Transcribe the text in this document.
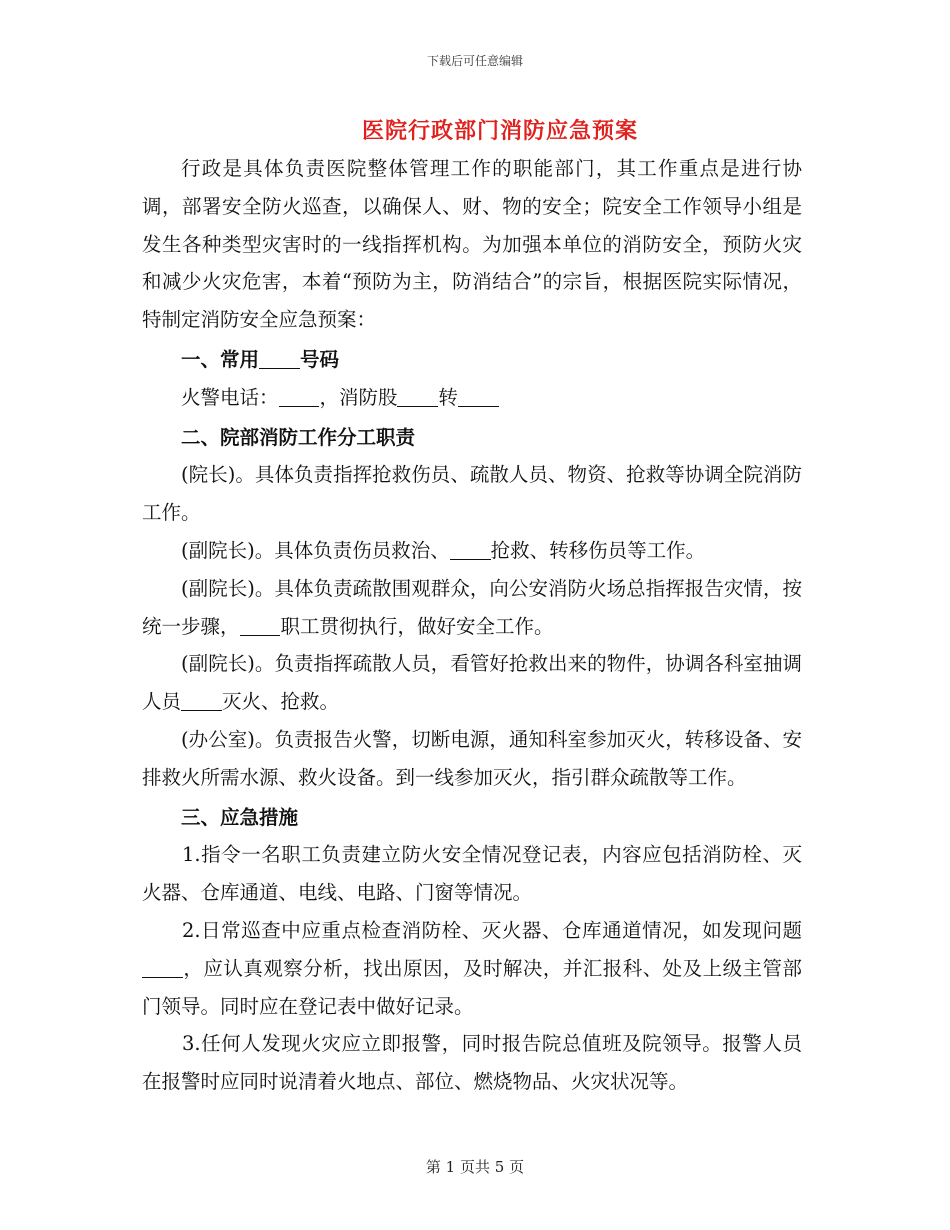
下载后可任意编辑
医院行政部门消防应急预案

行政是具体负责医院整体管理工作的职能部门，其工作重点是进行协调，部署安全防火巡查，以确保人、财、物的安全；院安全工作领导小组是发生各种类型灾害时的一线指挥机构。为加强本单位的消防安全，预防火灾和减少火灾危害，本着“预防为主，防消结合”的宗旨，根据医院实际情况，特制定消防安全应急预案：

一、常用 号码

火警电话： ，消防股 转

二、院部消防工作分工职责

(院长)。具体负责指挥抢救伤员、疏散人员、物资、抢救等协调全院消防工作。

(副院长)。具体负责伤员救治、 抢救、转移伤员等工作。

(副院长)。具体负责疏散围观群众，向公安消防火场总指挥报告灾情，按统一步骤， 职工贯彻执行，做好安全工作。

(副院长)。负责指挥疏散人员，看管好抢救出来的物件，协调各科室抽调人员 灭火、抢救。

(办公室)。负责报告火警，切断电源，通知科室参加灭火，转移设备、安排救火所需水源、救火设备。到一线参加灭火，指引群众疏散等工作。

三、应急措施

1.指令一名职工负责建立防火安全情况登记表，内容应包括消防栓、灭火器、仓库通道、电线、电路、门窗等情况。

2.日常巡查中应重点检查消防栓、灭火器、仓库通道情况，如发现问题，应认真观察分析，找出原因，及时解决，并汇报科、处及上级主管部门领导。同时应在登记表中做好记录。

3.任何人发现火灾应立即报警，同时报告院总值班及院领导。报警人员在报警时应同时说清着火地点、部位、燃烧物品、火灾状况等。

第 1 页共 5 页
